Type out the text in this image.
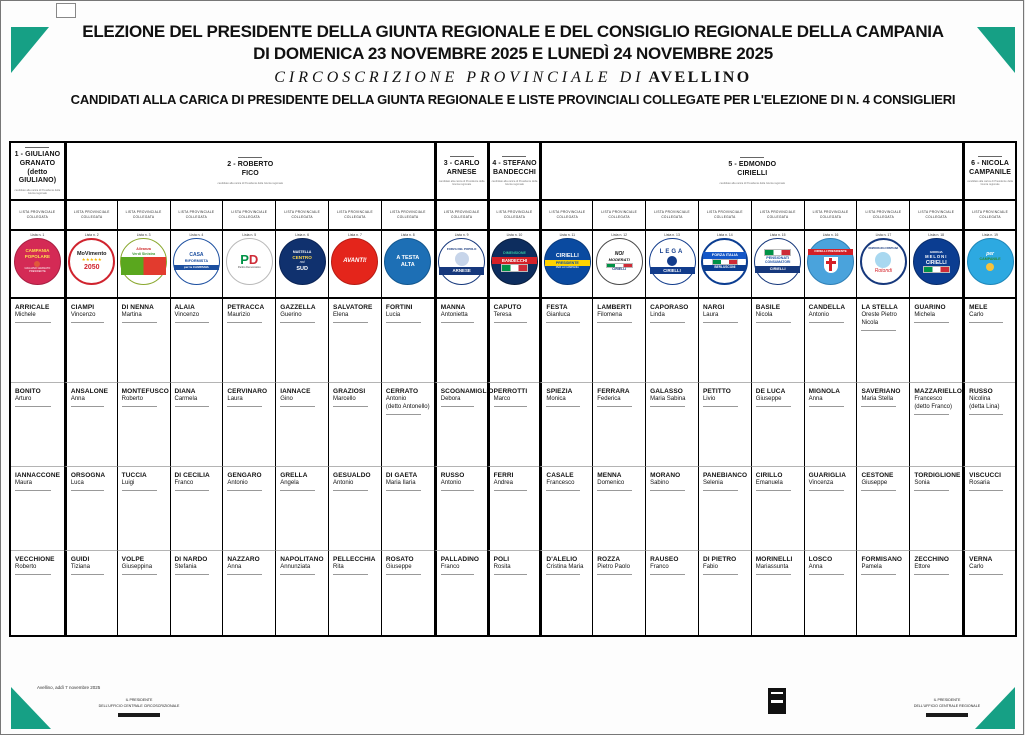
ELEZIONE DEL PRESIDENTE DELLA GIUNTA REGIONALE E DEL CONSIGLIO REGIONALE DELLA CAMPANIA
DI DOMENICA 23 NOVEMBRE 2025 E LUNEDÌ 24 NOVEMBRE 2025
CIRCOSCRIZIONE PROVINCIALE DI AVELLINO
CANDIDATI ALLA CARICA DI PRESIDENTE DELLA GIUNTA REGIONALE E LISTE PROVINCIALI COLLEGATE PER L'ELEZIONE DI N. 4 CONSIGLIERI
1 - GIULIANO
GRANATO
(detto GIULIANO)
candidato alla carica di Presidente della Giunta regionale
2 - ROBERTO
FICO
candidato alla carica di Presidente della Giunta regionale
3 - CARLO
ARNESE
candidato alla carica di Presidente della Giunta regionale
4 - STEFANO
BANDECCHI
candidato alla carica di Presidente della Giunta regionale
5 - EDMONDO
CIRIELLI
candidato alla carica di Presidente della Giunta regionale
6 - NICOLA
CAMPANILE
candidato alla carica di Presidente della Giunta regionale
LISTA PROVINCIALE
COLLEGATA
LISTA PROVINCIALE
COLLEGATA
LISTA PROVINCIALE
COLLEGATA
LISTA PROVINCIALE
COLLEGATA
LISTA PROVINCIALE
COLLEGATA
LISTA PROVINCIALE
COLLEGATA
LISTA PROVINCIALE
COLLEGATA
LISTA PROVINCIALE
COLLEGATA
LISTA PROVINCIALE
COLLEGATA
LISTA PROVINCIALE
COLLEGATA
LISTA PROVINCIALE
COLLEGATA
LISTA PROVINCIALE
COLLEGATA
LISTA PROVINCIALE
COLLEGATA
LISTA PROVINCIALE
COLLEGATA
LISTA PROVINCIALE
COLLEGATA
LISTA PROVINCIALE
COLLEGATA
LISTA PROVINCIALE
COLLEGATA
LISTA PROVINCIALE
COLLEGATA
LISTA PROVINCIALE
COLLEGATA
Lista n. 1
CAMPANIA
POPOLARE
GIULIANO GRANATO
PRESIDENTE
Lista n. 2
MoVimento
★★★★★
2050
Lista n. 3
Alleanza
Verdi Sinistra
Lista n. 4
CASA
RIFORMISTA
per la CAMPANIA
Lista n. 5
PD
Partito Democratico
Lista n. 6
MASTELLA
CENTRO
noi
SUD
Lista n. 7
AVANTI!
Lista n. 8
A TESTA
ALTA
Lista n. 9
FORZA DEL POPOLO
ARNESE
Lista n. 10
DIMENSIONE
BANDECCHI
Lista n. 11
CIRIELLI
PRESIDENTE
PER LA CAMPANIA
Lista n. 12
NOI
MODERATI
CIRIELLI
Lista n. 13
LEGA
CIRIELLI
Lista n. 14
FORZA ITALIA
BERLUSCONI
Lista n. 15
PENSIONATI
CONSUMATORI
CIRIELLI
Lista n. 16
CIRIELLI PRESIDENTE
Lista n. 17
DEMOCRAZIA CRISTIANA
Rotondi
Lista n. 18
GIORGIA
MELONI
CIRIELLI
Lista n. 19
per
CAMPANILE
ARRICALE
Michele
CIAMPI
Vincenzo
DI NENNA
Martina
ALAIA
Vincenzo
PETRACCA
Maurizio
GAZZELLA
Guerino
SALVATORE
Elena
FORTINI
Lucia
MANNA
Antonietta
CAPUTO
Teresa
FESTA
Gianluca
LAMBERTI
Filomena
CAPORASO
Linda
NARGI
Laura
BASILE
Nicola
CANDELLA
Antonio
LA STELLA
Oreste Pietro Nicola
GUARINO
Michela
MELE
Carlo
BONITO
Arturo
ANSALONE
Anna
MONTEFUSCO
Roberto
DIANA
Carmela
CERVINARO
Laura
IANNACE
Gino
GRAZIOSI
Marcello
CERRATO
Antonio
(detto Antonello)
SCOGNAMIGLIO
Debora
PERROTTI
Marco
SPIEZIA
Monica
FERRARA
Federica
GALASSO
Maria Sabina
PETITTO
Livio
DE LUCA
Giuseppe
MIGNOLA
Anna
SAVERIANO
Maria Stella
MAZZARIELLO
Francesco
(detto Franco)
RUSSO
Nicolina
(detta Lina)
IANNACCONE
Maura
ORSOGNA
Luca
TUCCIA
Luigi
DI CECILIA
Franco
GENGARO
Antonio
GRELLA
Angela
GESUALDO
Antonio
DI GAETA
Maria Ilaria
RUSSO
Antonio
FERRI
Andrea
CASALE
Francesco
MENNA
Domenico
MORANO
Sabino
PANEBIANCO
Selenia
CIRILLO
Emanuela
GUARIGLIA
Vincenza
CESTONE
Giuseppe
TORDIGLIONE
Sonia
VISCUCCI
Rosaria
VECCHIONE
Roberto
GUIDI
Tiziana
VOLPE
Giuseppina
DI NARDO
Stefania
NAZZARO
Anna
NAPOLITANO
Annunziata
PELLECCHIA
Rita
ROSATO
Giuseppe
PALLADINO
Franco
POLI
Rosita
D'ALELIO
Cristina Maria
ROZZA
Pietro Paolo
RAUSEO
Franco
DI PIETRO
Fabio
MORINELLI
Mariassunta
LOSCO
Anna
FORMISANO
Pamela
ZECCHINO
Ettore
VERNA
Carlo
Avellino, addì 7 novembre 2025
IL PRESIDENTE
DELL'UFFICIO CENTRALE CIRCOSCRIZIONALE
IL PRESIDENTE
DELL'UFFICIO CENTRALE REGIONALE
